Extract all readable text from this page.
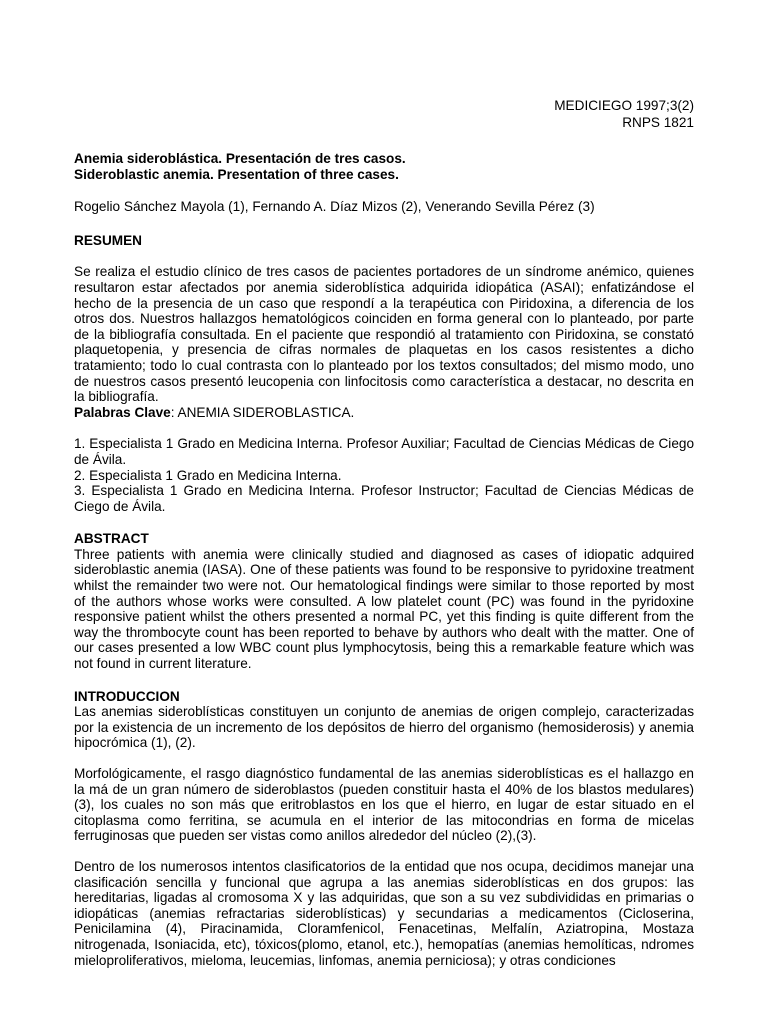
MEDICIEGO 1997;3(2)
RNPS 1821
Anemia sideroblástica. Presentación de tres casos.
Sideroblastic anemia. Presentation of three cases.
Rogelio Sánchez Mayola (1), Fernando A. Díaz Mizos (2), Venerando Sevilla Pérez (3)
RESUMEN

Se realiza el estudio clínico de tres casos de pacientes portadores de un síndrome anémico, quienes resultaron estar afectados por anemia sideroblística adquirida idiopática (ASAI); enfatizándose el hecho de la presencia de un caso que respondí a la terapéutica con Piridoxina, a diferencia de los otros dos. Nuestros hallazgos hematológicos coinciden en forma general con lo planteado, por parte de la bibliografía consultada. En el paciente que respondió al tratamiento con Piridoxina, se constató plaquetopenia, y presencia de cifras normales de plaquetas en los casos resistentes a dicho tratamiento; todo lo cual contrasta con lo planteado por los textos consultados; del mismo modo, uno de nuestros casos presentó leucopenia con linfocitosis como característica a destacar, no descrita en la bibliografía.

Palabras Clave: ANEMIA SIDEROBLASTICA.

1. Especialista 1 Grado en Medicina Interna. Profesor Auxiliar; Facultad de Ciencias Médicas de Ciego de Ávila.

2. Especialista 1 Grado en Medicina Interna.

3. Especialista 1 Grado en Medicina Interna. Profesor Instructor; Facultad de Ciencias Médicas de Ciego de Ávila.

ABSTRACT

Three patients with anemia were clinically studied and diagnosed as cases of idiopatic adquired sideroblastic anemia (IASA). One of these patients was found to be responsive to pyridoxine treatment whilst the remainder two were not. Our hematological findings were similar to those reported by most of the authors whose works were consulted. A low platelet count (PC) was found in the pyridoxine responsive patient whilst the others presented a normal PC, yet this finding is quite different from the way the thrombocyte count has been reported to behave by authors who dealt with the matter. One of our cases presented a low WBC count plus lymphocytosis, being this a remarkable feature which was not found in current literature.

INTRODUCCION

Las anemias sideroblísticas constituyen un conjunto de anemias de origen complejo, caracterizadas por la existencia de un incremento de los depósitos de hierro del organismo (hemosiderosis) y anemia hipocrómica (1), (2).

Morfológicamente, el rasgo diagnóstico fundamental de las anemias sideroblísticas es el hallazgo en la má de un gran número de sideroblastos (pueden constituir hasta el 40% de los blastos medulares) (3), los cuales no son más que eritroblastos en los que el hierro, en lugar de estar situado en el citoplasma como ferritina, se acumula en el interior de las mitocondrias en forma de micelas ferruginosas que pueden ser vistas como anillos alrededor del núcleo (2),(3).

Dentro de los numerosos intentos clasificatorios de la entidad que nos ocupa, decidimos manejar una clasificación sencilla y funcional que agrupa a las anemias sideroblísticas en dos grupos: las hereditarias, ligadas al cromosoma X y las adquiridas, que son a su vez subdivididas en primarias o idiopáticas (anemias refractarias sideroblísticas) y secundarias a medicamentos (Cicloserina, Penicilamina (4), Piracinamida, Cloramfenicol, Fenacetinas, Melfalín, Aziatropina, Mostaza nitrogenada, Isoniacida, etc), tóxicos(plomo, etanol, etc.), hemopatías (anemias hemolíticas, ndromes mieloproliferativos, mieloma, leucemias, linfomas, anemia perniciosa); y otras condiciones
